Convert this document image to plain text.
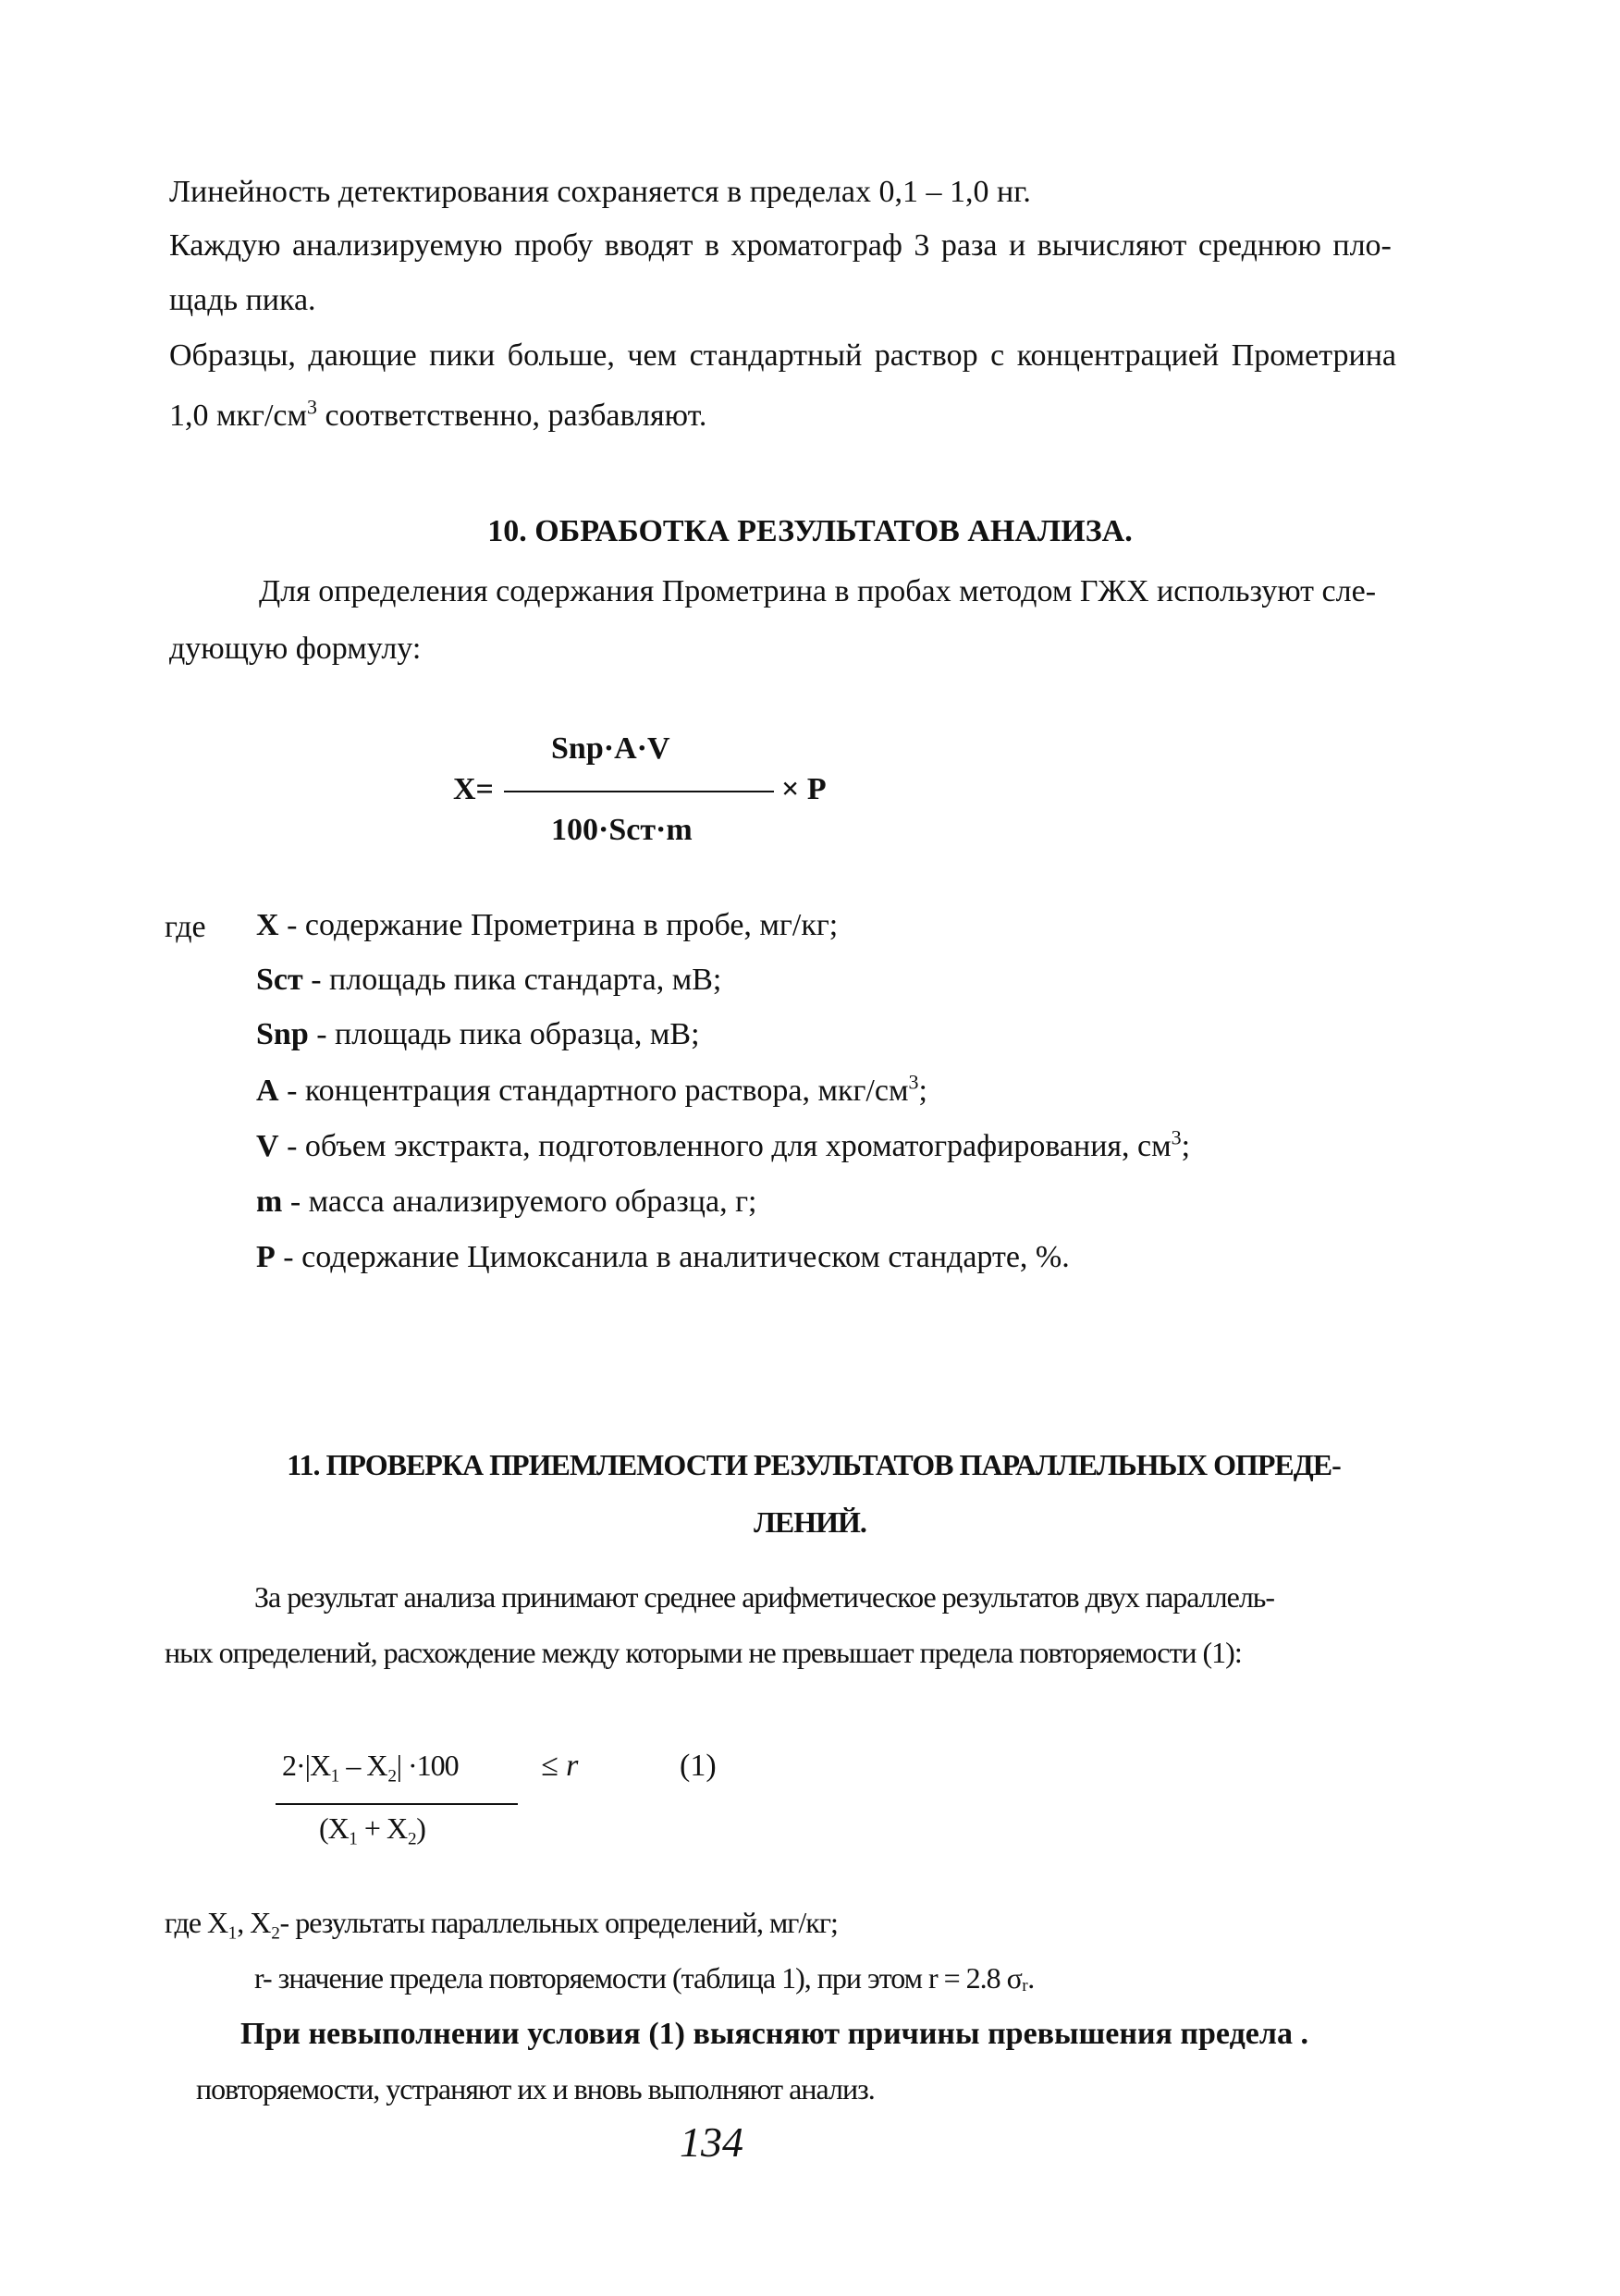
Линейность детектирования сохраняется в пределах 0,1 – 1,0 нг.

Каждую анализируемую пробу вводят в хроматограф 3 раза и вычисляют среднюю пло-

щадь пика.

Образцы, дающие пики больше, чем стандартный раствор с концентрацией Прометрина

1,0 мкг/$см^3$ соответственно, разбавляют.

10. ОБРАБОТКА РЕЗУЛЬТАТОВ АНАЛИЗА.

Для определения содержания Прометрина в пробах методом ГЖХ используют сле-

дующую формулу:

Snp·A·V
X=	× P
100·Sст·m
где X - содержание Прометрина в пробе, мг/кг;

Sст - площадь пика стандарта, мВ;

Snp - площадь пика образца, мВ;

A - концентрация стандартного раствора, мкг/$см^3$;

V - объем экстракта, подготовленного для хроматографирования, $см^3$;

m - масса анализируемого образца, г;

P - содержание Цимоксанила в аналитическом стандарте, %.

11. ПРОВЕРКА ПРИЕМЛЕМОСТИ РЕЗУЛЬТАТОВ ПАРАЛЛЕЛЬНЫХ ОПРЕДЕ-
ЛЕНИЙ.

За результат анализа принимают среднее арифметическое результатов двух параллель-

ных определений, расхождение между которыми не превышает предела повторяемости (1):

2·|X₁ – X₂| ·100
(X₁ + X₂)
≤ r	(1)

где X₁, X₂- результаты параллельных определений, мг/кг;

r- значение предела повторяемости (таблица 1), при этом r = 2.8 σᵣ.

При невыполнении условия (1) выясняют причины превышения предела .

повторяемости, устраняют их и вновь выполняют анализ.

134
